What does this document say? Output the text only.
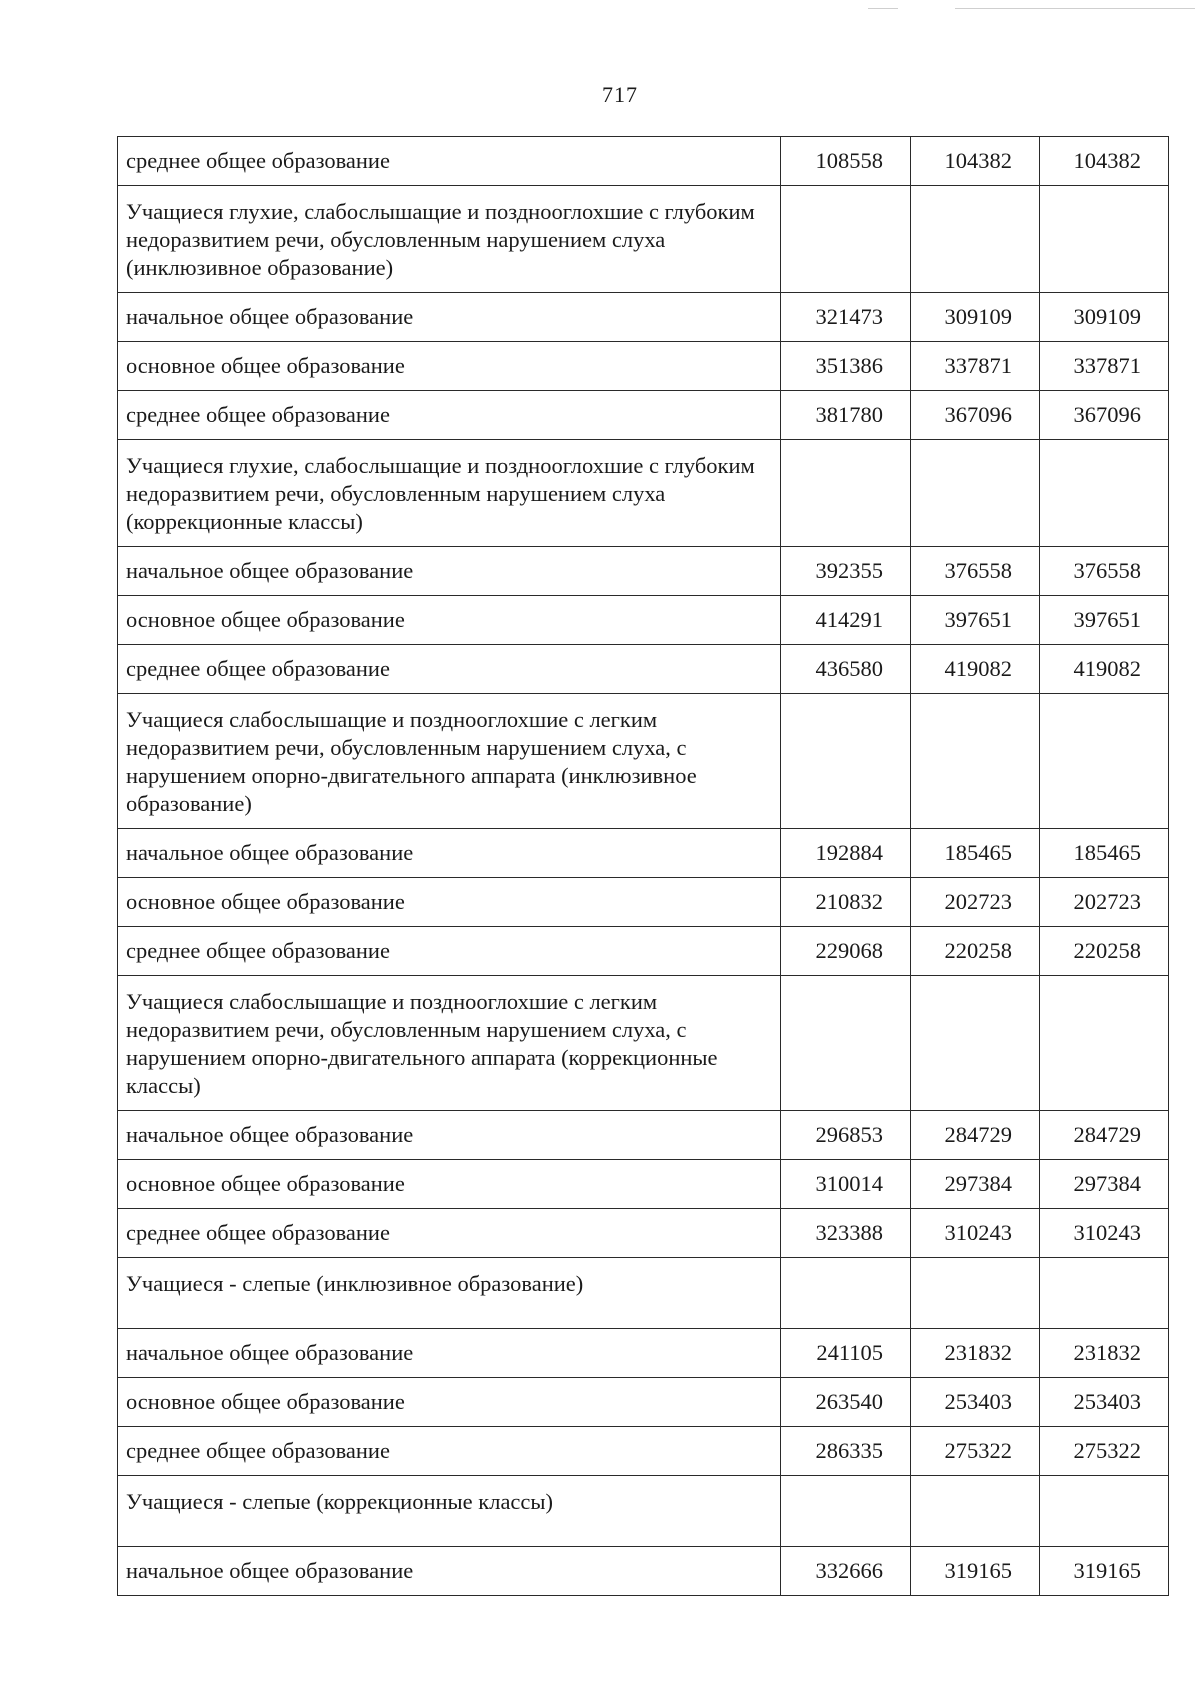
717
среднее общее образование	108558	104382	104382
Учащиеся глухие, слабослышащие и позднооглохшие с глубоким недоразвитием речи, обусловленным нарушением слуха (инклюзивное образование)			
начальное общее образование	321473	309109	309109
основное общее образование	351386	337871	337871
среднее общее образование	381780	367096	367096
Учащиеся глухие, слабослышащие и позднооглохшие с глубоким недоразвитием речи, обусловленным нарушением слуха (коррекционные классы)			
начальное общее образование	392355	376558	376558
основное общее образование	414291	397651	397651
среднее общее образование	436580	419082	419082
Учащиеся слабослышащие и позднооглохшие с легким недоразвитием речи, обусловленным нарушением слуха, с нарушением опорно-двигательного аппарата (инклюзивное образование)			
начальное общее образование	192884	185465	185465
основное общее образование	210832	202723	202723
среднее общее образование	229068	220258	220258
Учащиеся слабослышащие и позднооглохшие с легким недоразвитием речи, обусловленным нарушением слуха, с нарушением опорно-двигательного аппарата (коррекционные классы)			
начальное общее образование	296853	284729	284729
основное общее образование	310014	297384	297384
среднее общее образование	323388	310243	310243
Учащиеся - слепые (инклюзивное образование)			
начальное общее образование	241105	231832	231832
основное общее образование	263540	253403	253403
среднее общее образование	286335	275322	275322
Учащиеся - слепые (коррекционные классы)			
начальное общее образование	332666	319165	319165
